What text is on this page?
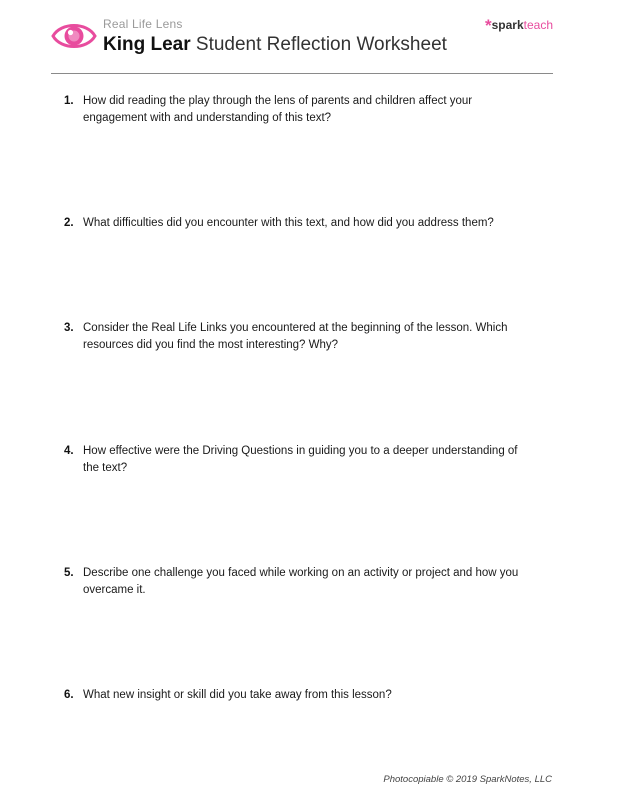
Real Life Lens
King Lear Student Reflection Worksheet
*sparkteach
1. How did reading the play through the lens of parents and children affect your engagement with and understanding of this text?
2. What difficulties did you encounter with this text, and how did you address them?
3. Consider the Real Life Links you encountered at the beginning of the lesson. Which resources did you find the most interesting? Why?
4. How effective were the Driving Questions in guiding you to a deeper understanding of the text?
5. Describe one challenge you faced while working on an activity or project and how you overcame it.
6. What new insight or skill did you take away from this lesson?
Photocopiable © 2019 SparkNotes, LLC
